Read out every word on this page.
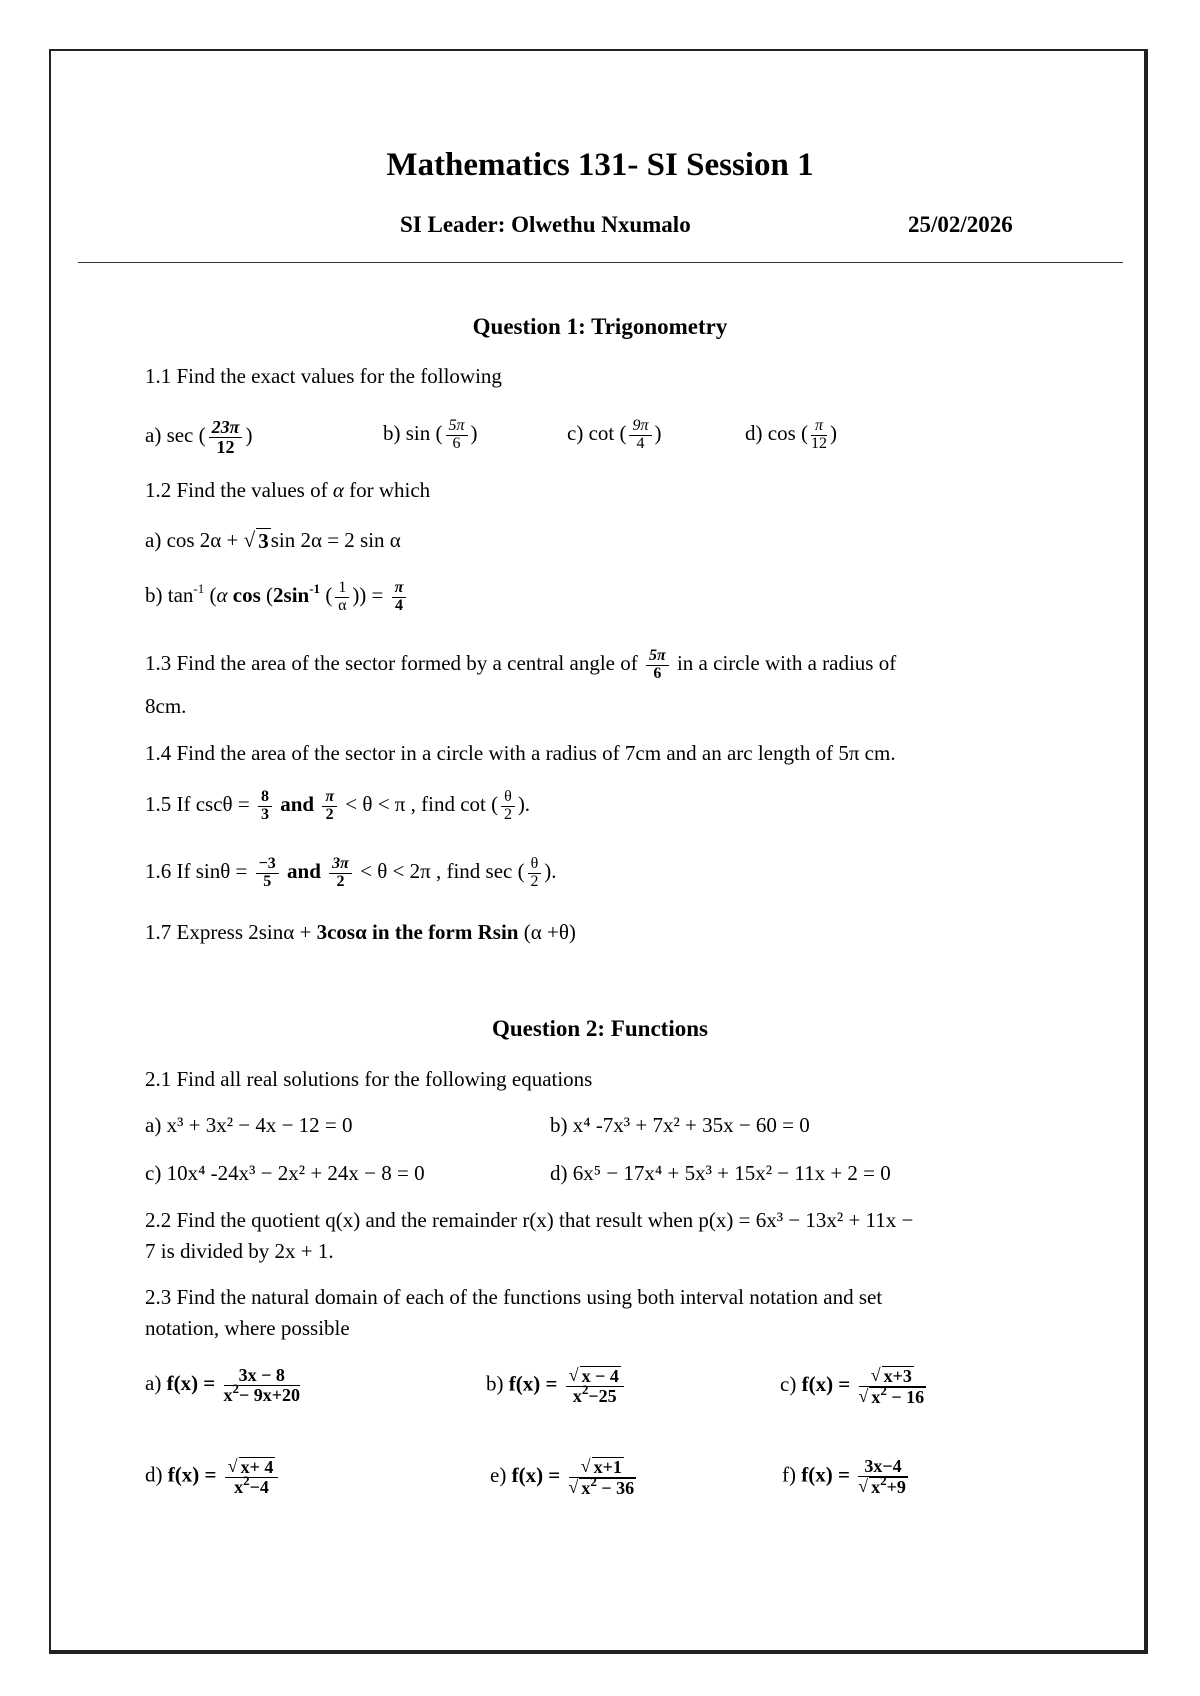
Mathematics 131- SI Session 1
SI Leader: Olwethu Nxumalo	25/02/2026
Question 1: Trigonometry
1.1 Find the exact values for the following
a) sec ( $\frac{23\pi}{12}$ )	b) sin ( $\frac{5\pi}{6}$ )	c) cot ( $\frac{9\pi}{4}$ )	d) cos ( $\frac{\pi}{12}$ )
1.2 Find the values of α for which
a) cos 2α + √ 3 sin 2α = 2 sin α
b) $\tan^{-1} (\alpha$ $\cos (2\sin^{-1}$ ( $\frac{1}{\alpha}$ )) = $\frac{\pi}{4}$
1.3 Find the area of the sector formed by a central angle of $\frac{5\pi}{6}$ in a circle with a radius of
8cm.
1.4 Find the area of the sector in a circle with a radius of 7cm and an arc length of 5π cm.
1.5 If $\csc\theta = \frac{8}{3}$ and $\frac{\pi}{2} < \theta < \pi$ , find cot ( $\frac{\theta}{2}$ ).
1.6 If $\sin\theta = \frac{-3}{5}$ and $\frac{3\pi}{2} < \theta < 2\pi$ , find sec ( $\frac{\theta}{2}$ ).
1.7 Express 2sinα + 3cosα in the form Rsin (α +θ)
Question 2: Functions
2.1 Find all real solutions for the following equations
a) x³ + 3x² − 4x − 12 = 0	b) x⁴ -7x³ + 7x² + 35x − 60 = 0
c) 10x⁴ -24x³ − 2x² + 24x − 8 = 0	d) 6x⁵ − 17x⁴ + 5x³ + 15x² − 11x + 2 = 0
2.2 Find the quotient q(x) and the remainder r(x) that result when p(x) = 6x³ − 13x² + 11x −
7 is divided by 2x + 1.
2.3 Find the natural domain of each of the functions using both interval notation and set
notation, where possible
a) $f(x) = \frac{3x - 8}{x^2- 9x+20}$	b) $f(x) = \frac{√ x - 4}{x^2-25}$	c) $f(x) = \frac{√ x+3}{√ x^2 - 16}$
d) $f(x) = \frac{√ x+ 4}{x^2-4}$	e) $f(x) = \frac{√ x+1}{√ x^2 - 36}$	f) $f(x) = \frac{3x-4}{√ x^2+9}$
